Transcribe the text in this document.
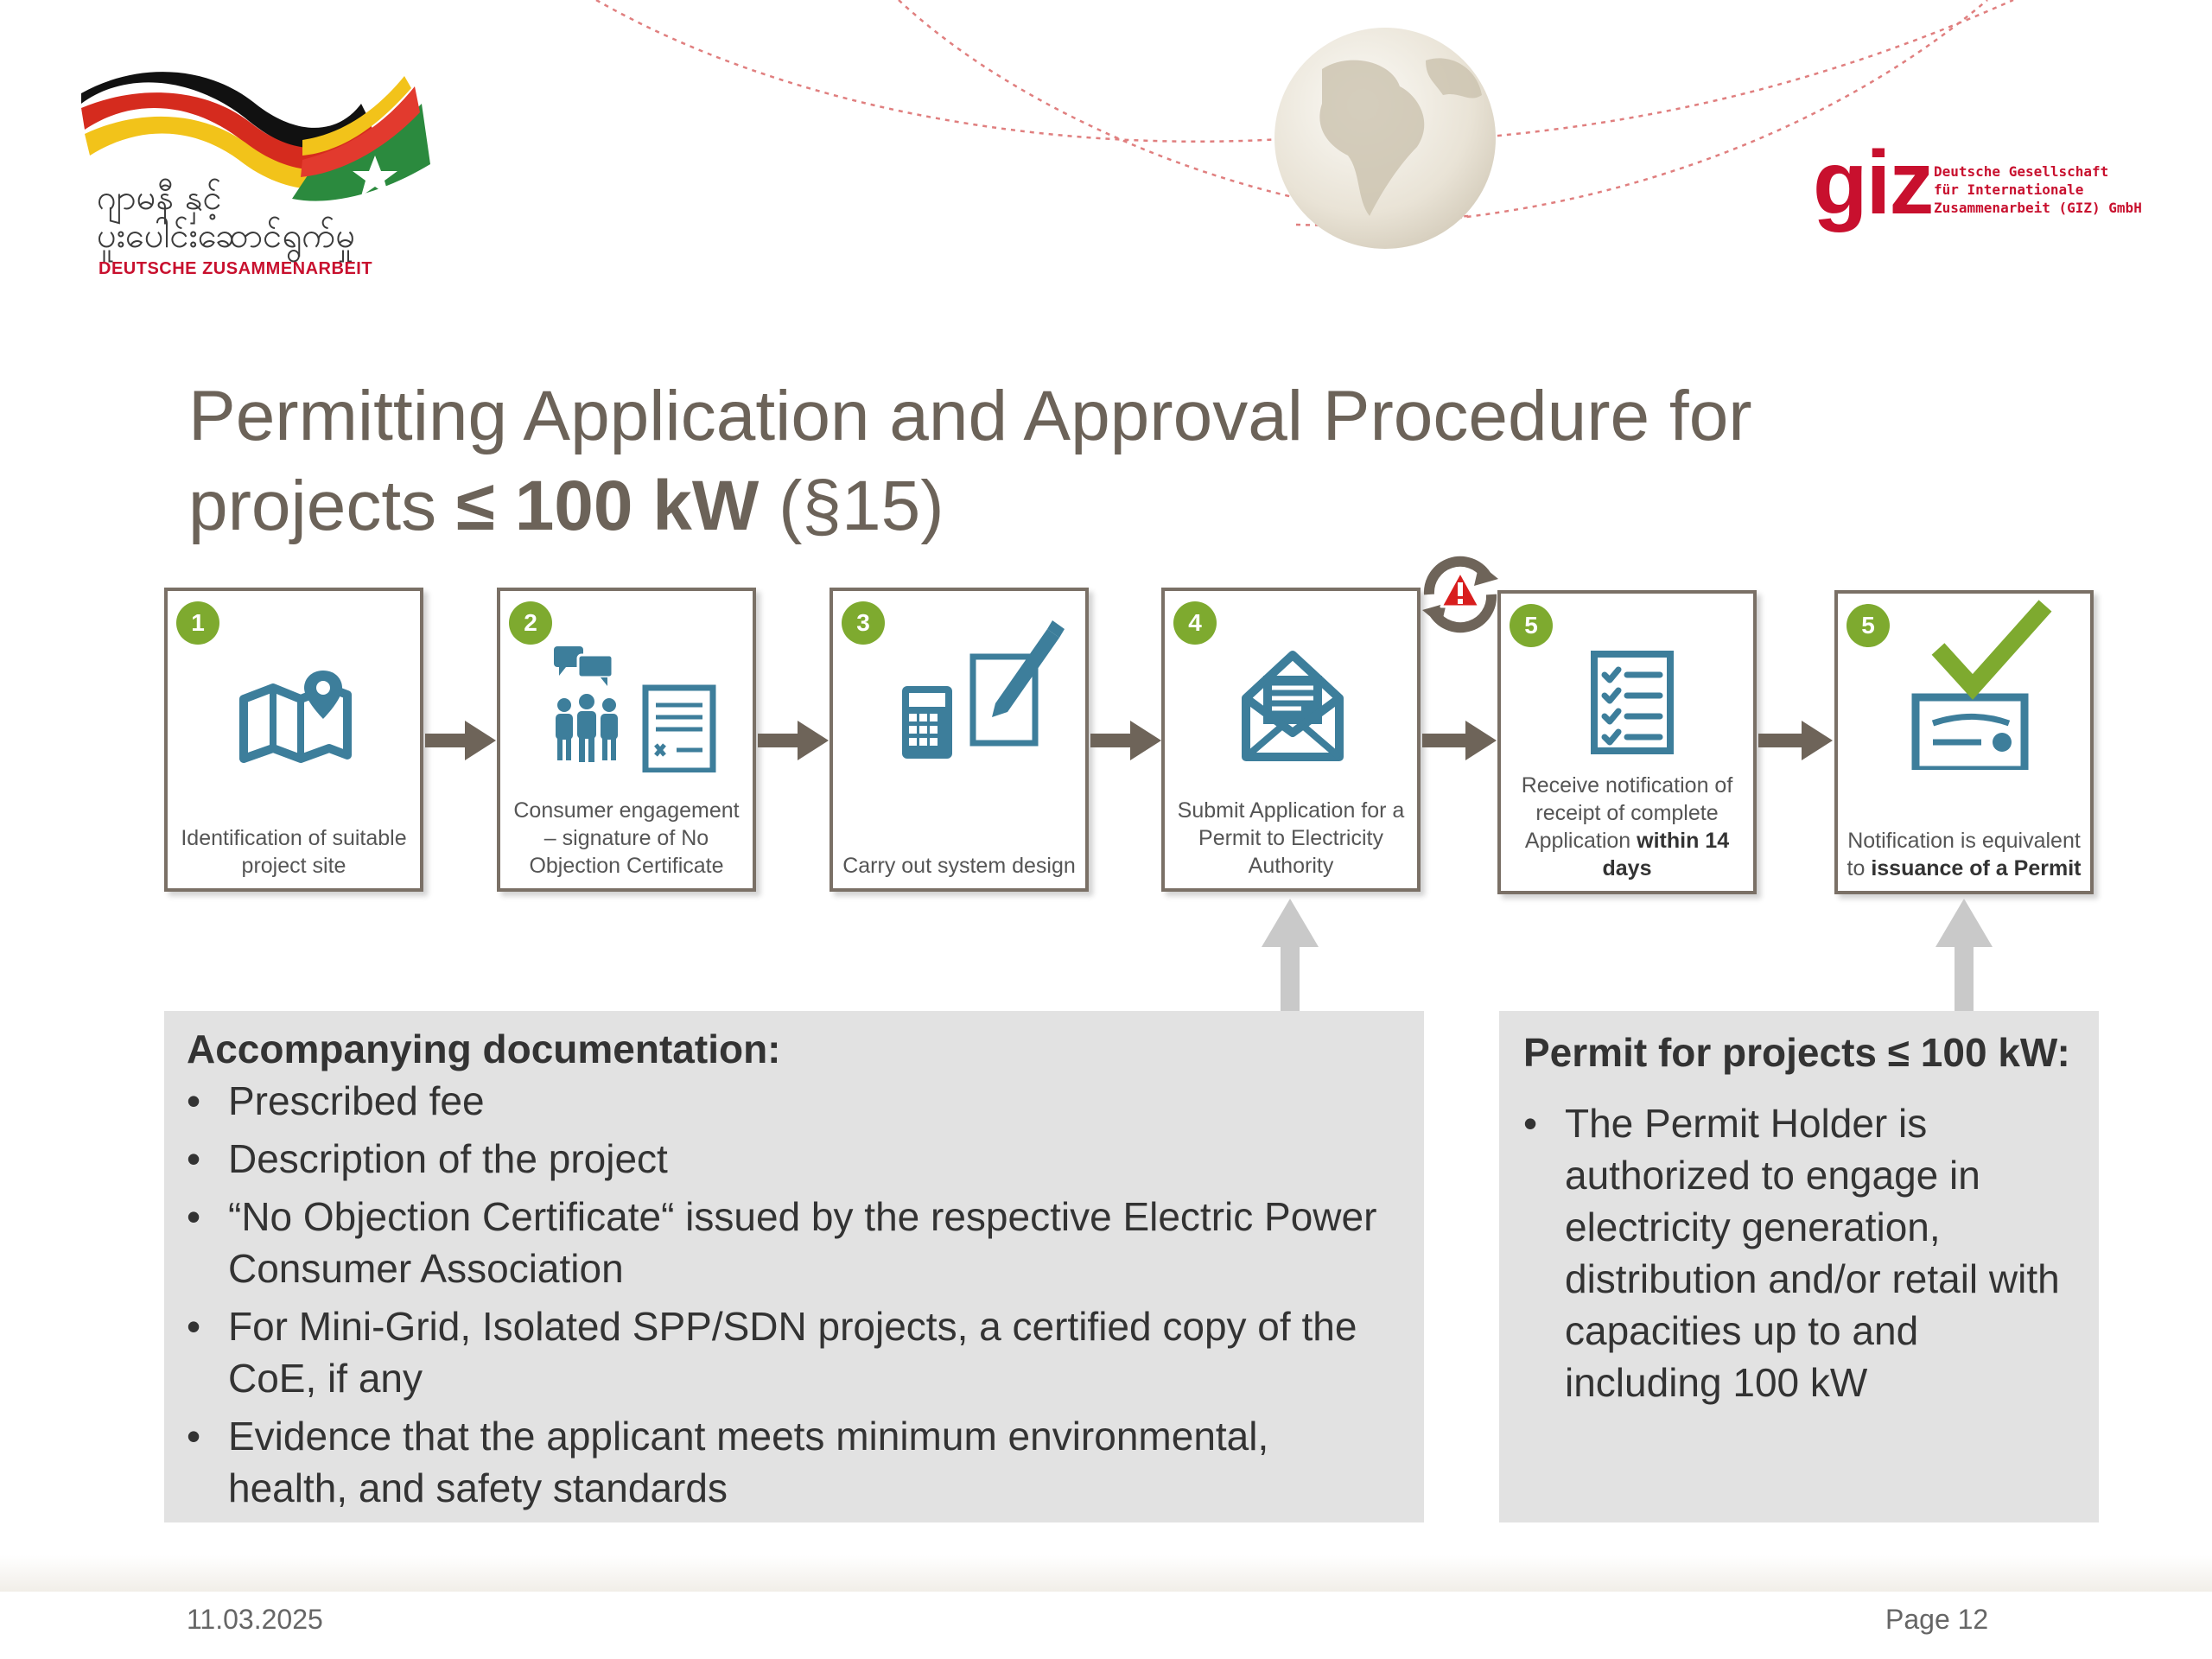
ဂျာမနီ နှင့်
ပူးပေါင်းဆောင်ရွက်မှု
DEUTSCHE ZUSAMMENARBEIT
giz Deutsche Gesellschaft
für Internationale
Zusammenarbeit (GIZ) GmbH
Permitting Application and Approval Procedure for
projects ≤ 100 kW (§15)
1
Identification of suitable project site
2
Consumer engagement – signature of No Objection Certificate
3
Carry out system design
4
Submit Application for a Permit to Electricity Authority
5
Receive notification of receipt of complete Application within 14 days
5
Notification is equivalent to issuance of a Permit
Accompanying documentation:
• Prescribed fee
• Description of the project
• “No Objection Certificate“ issued by the respective Electric Power Consumer Association
• For Mini-Grid, Isolated SPP/SDN projects, a certified copy of the CoE, if any
• Evidence that the applicant meets minimum environmental, health, and safety standards
Permit for projects ≤ 100 kW:
• The Permit Holder is authorized to engage in electricity generation, distribution and/or retail with capacities up to and including 100 kW
11.03.2025	Page 12
